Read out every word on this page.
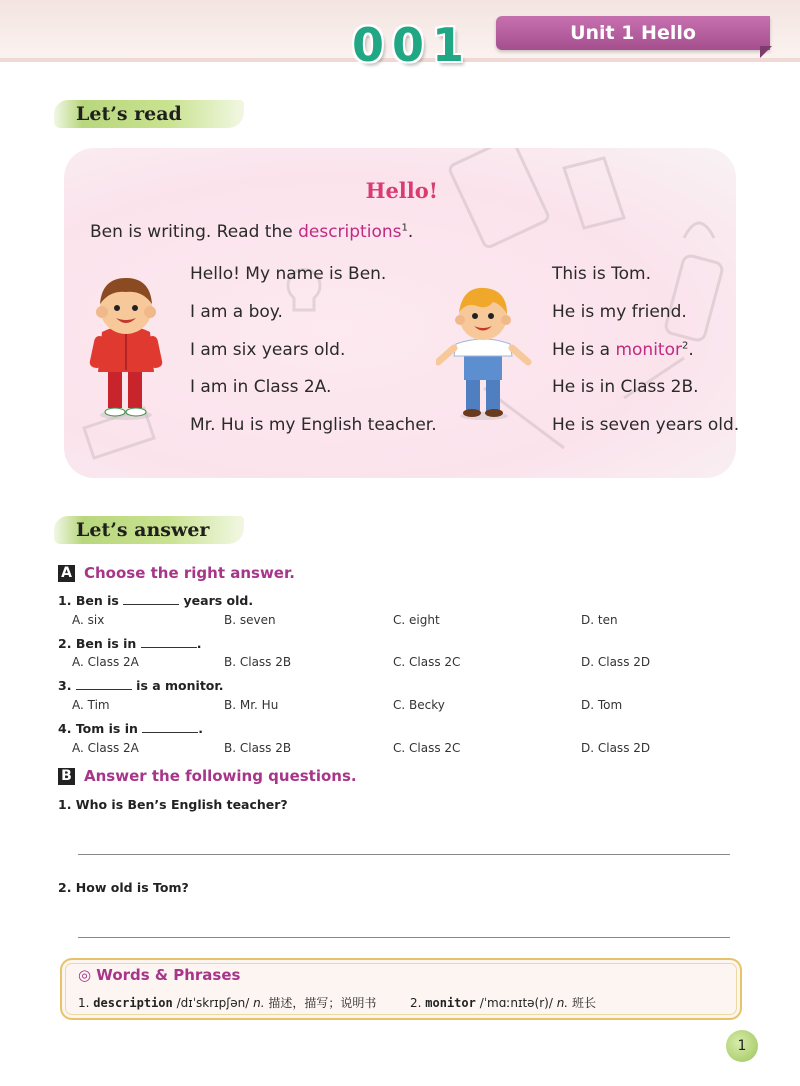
001	Unit 1 Hello
Let’s read
Hello!
Ben is writing. Read the descriptions$^1$.
Hello! My name is Ben.
I am a boy.
I am six years old.
I am in Class 2A.
Mr. Hu is my English teacher.
This is Tom.
He is my friend.
He is a monitor$^2$.
He is in Class 2B.
He is seven years old.
Let’s answer
A Choose the right answer.
1. Ben is	years old.
A. six	B. seven	C. eight	D. ten
2. Ben is in	.
A. Class 2A	B. Class 2B	C. Class 2C	D. Class 2D
3.	is a monitor.
A. Tim	B. Mr. Hu	C. Becky	D. Tom
4. Tom is in	.
A. Class 2A	B. Class 2B	C. Class 2C	D. Class 2D
B Answer the following questions.
1. Who is Ben’s English teacher?
2. How old is Tom?
◎ Words & Phrases
1. description /dɪˈskrɪpʃən/ n. 描述，描写；说明书	2. monitor /ˈmɑːnɪtə(r)/ n. 班长
1
